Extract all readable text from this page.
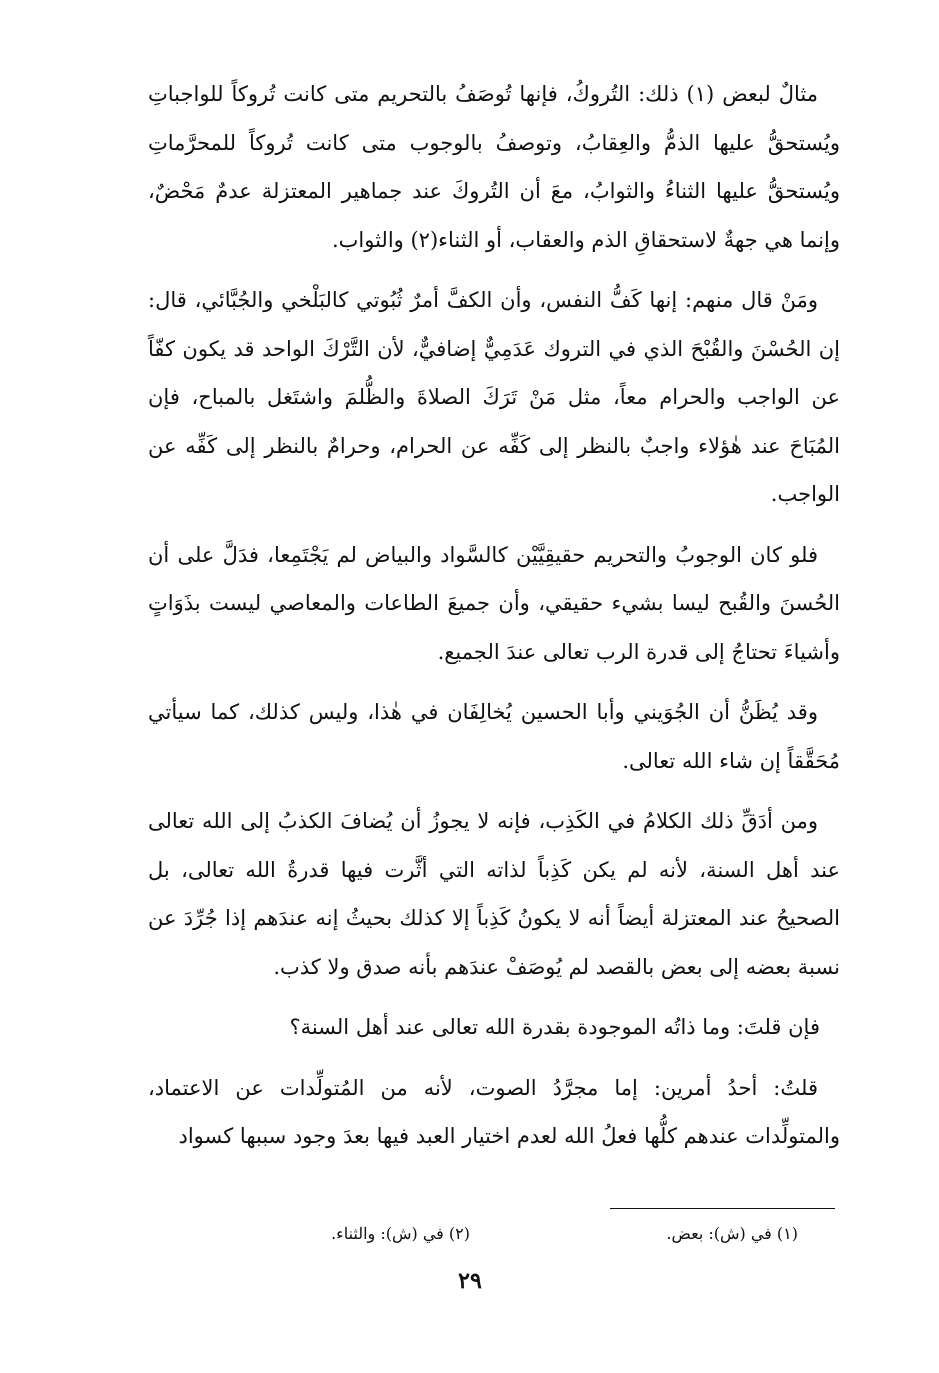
مثالٌ لبعض (١) ذلك: التُروكُ، فإنها تُوصَفُ بالتحريم متى كانت تُروكاً للواجباتِ ويُستحقُّ عليها الذمُّ والعِقابُ، وتوصفُ بالوجوب متى كانت تُروكاً للمحرَّماتِ ويُستحقُّ عليها الثناءُ والثوابُ، معَ أن التُروكَ عند جماهير المعتزلة عدمٌ مَحْضٌ، وإنما هي جهةٌ لاستحقاقِ الذم والعقاب، أو الثناء(٢) والثواب.

ومَنْ قال منهم: إنها كَفُّ النفس، وأن الكفَّ أمرٌ ثُبُوتي كالبَلْخي والجُبَّائي، قال: إن الحُسْنَ والقُبْحَ الذي في التروك عَدَمِيٌّ إضافيٌّ، لأن التَّرْكَ الواحد قد يكون كفّاً عن الواجب والحرام معاً، مثل مَنْ تَرَكَ الصلاةَ والظُّلمَ واشتَغل بالمباح، فإن المُبَاحَ عند هٰؤلاء واجبٌ بالنظر إلى كَفِّه عن الحرام، وحرامٌ بالنظر إلى كَفِّه عن الواجب.

فلو كان الوجوبُ والتحريم حقيقِيَّيْن كالسَّواد والبياض لم يَجْتَمِعا، فدَلَّ على أن الحُسنَ والقُبح ليسا بشيء حقيقي، وأن جميعَ الطاعات والمعاصي ليست بذَوَاتٍ وأشياءَ تحتاجُ إلى قدرة الرب تعالى عندَ الجميع.

وقد يُظَنُّ أن الجُوَيني وأبا الحسين يُخالِفَان في هٰذا، وليس كذلك، كما سيأتي مُحَقَّقاً إن شاء الله تعالى.

ومن أدَقِّ ذلك الكلامُ في الكَذِب، فإنه لا يجوزُ أن يُضافَ الكذبُ إلى الله تعالى عند أهل السنة، لأنه لم يكن كَذِباً لذاته التي أثَّرت فيها قدرةُ الله تعالى، بل الصحيحُ عند المعتزلة أيضاً أنه لا يكونُ كَذِباً إلا كذلك بحيثُ إنه عندَهم إذا جُرِّدَ عن نسبة بعضه إلى بعض بالقصد لم يُوصَفْ عندَهم بأنه صدق ولا كذب.

فإن قلتَ: وما ذاتُه الموجودة بقدرة الله تعالى عند أهل السنة؟

قلتُ: أحدُ أمرين: إما مجرَّدُ الصوت، لأنه من المُتولِّدات عن الاعتماد، والمتولِّدات عندهم كلُّها فعلُ الله لعدم اختيار العبد فيها بعدَ وجود سببها كسواد

(١) في (ش): بعض.
(٢) في (ش): والثناء.
٢٩
